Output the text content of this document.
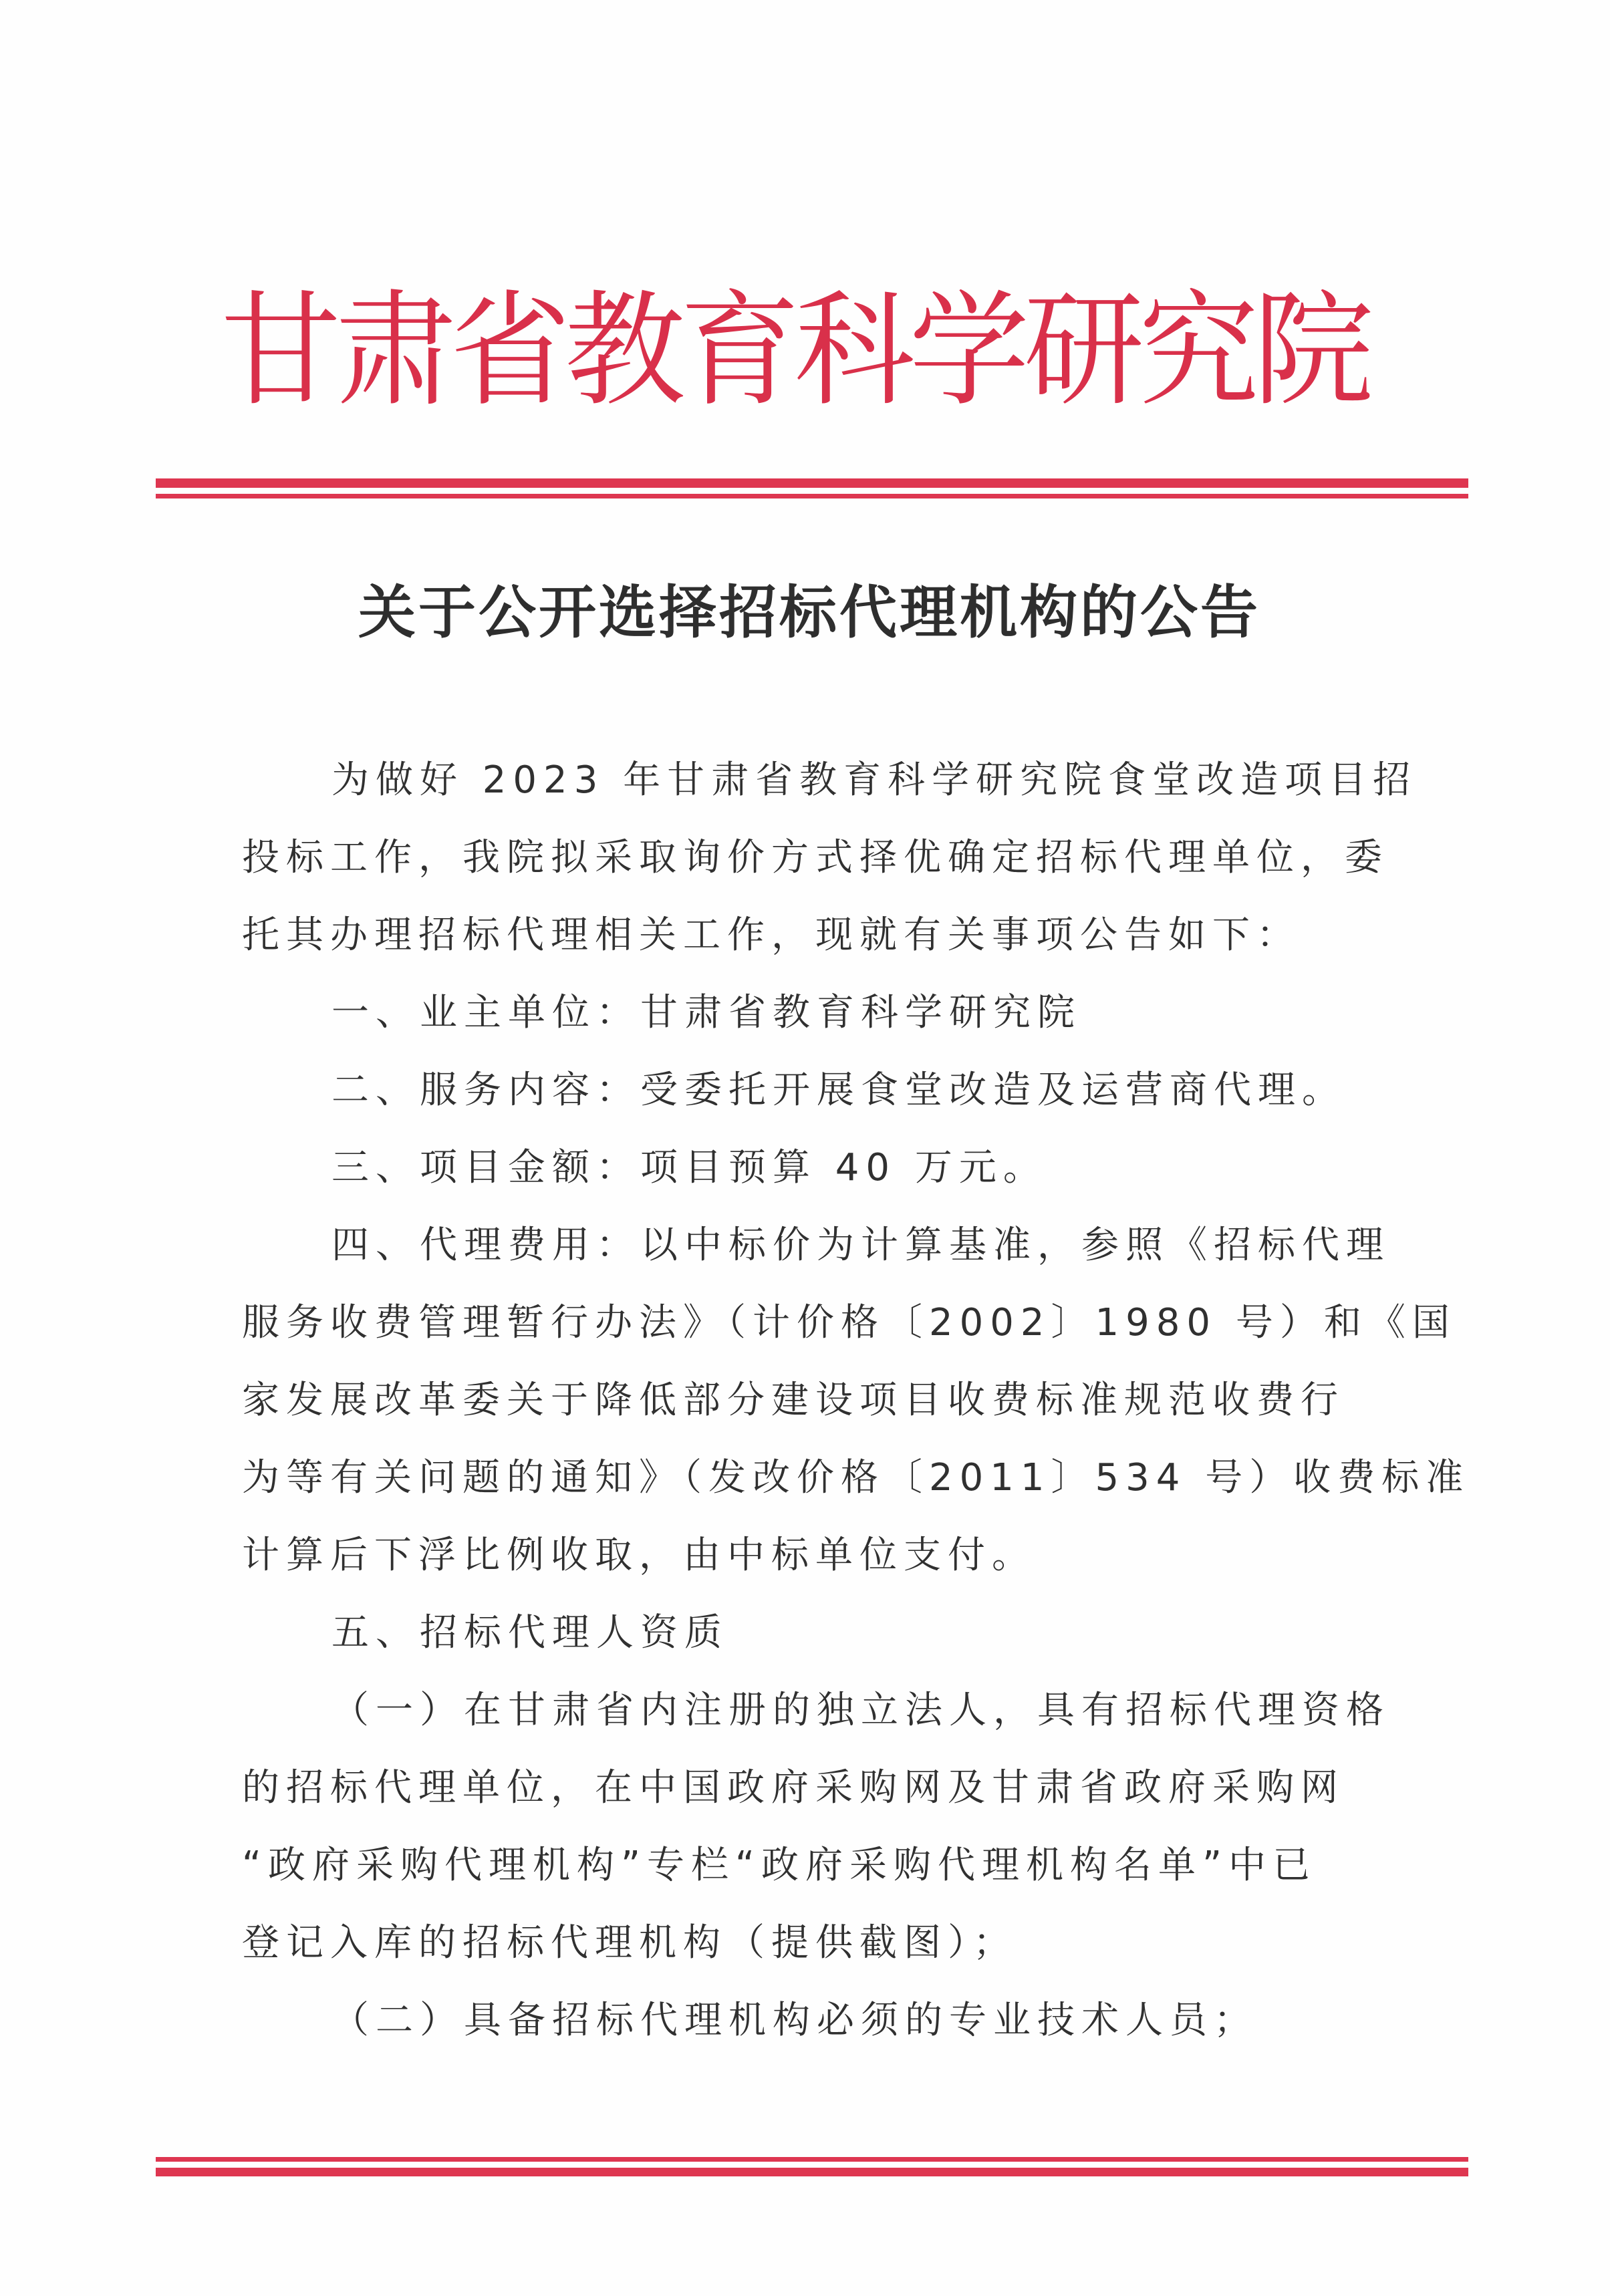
甘肃省教育科学研究院
关于公开选择招标代理机构的公告
为做好 2023 年甘肃省教育科学研究院食堂改造项目招
投标工作，我院拟采取询价方式择优确定招标代理单位，委
托其办理招标代理相关工作，现就有关事项公告如下：
一、业主单位：甘肃省教育科学研究院
二、服务内容：受委托开展食堂改造及运营商代理。
三、项目金额：项目预算 40 万元。
四、代理费用：以中标价为计算基准，参照《招标代理
服务收费管理暂行办法》（计价格〔2002〕1980 号）和《国
家发展改革委关于降低部分建设项目收费标准规范收费行
为等有关问题的通知》（发改价格〔2011〕534 号）收费标准
计算后下浮比例收取，由中标单位支付。
五、招标代理人资质
（一）在甘肃省内注册的独立法人，具有招标代理资格
的招标代理单位，在中国政府采购网及甘肃省政府采购网
“政府采购代理机构”专栏“政府采购代理机构名单”中已
登记入库的招标代理机构（提供截图）；
（二）具备招标代理机构必须的专业技术人员；
